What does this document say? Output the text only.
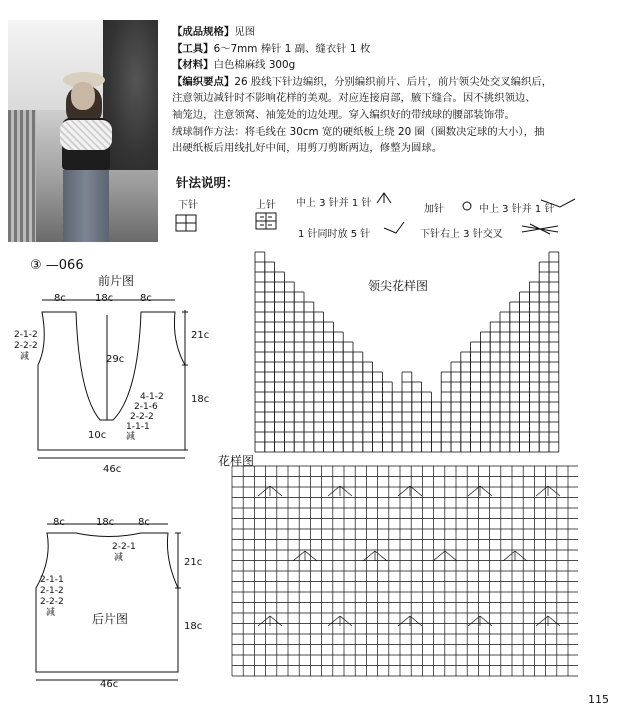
【成品规格】见图

【工具】6～7mm 棒针 1 副、缝衣针 1 枚

【材料】白色棉麻线 300g

【编织要点】26 股线下针边编织，分别编织前片、后片，前片领尖处交叉编织后，

注意领边减针时不影响花样的美观。对应连接肩部，腋下缝合。因不挑织领边、

袖笼边，注意领窝、袖笼处的边处理。穿入编织好的带绒球的腰部装饰带。

绒球制作方法：将毛线在 30cm 宽的硬纸板上绕 20 圈（圈数决定球的大小），抽

出硬纸板后用线扎好中间，用剪刀剪断两边，修整为圆球。

针法说明：
下针	上针 中上 3 针并 1 针
1 针同时放 5 针
加针	中上 3 针并 1 针
下针右上 3 针交叉
③ —066
前片图
8c	18c	8c
2-1-2
2-2-2
减	29c
4-1-2
2-1-6
2-2-2
1-1-1
减
10c
21c
18c
46c
8c	18c 8c
2-2-1
减
2-1-1
2-1-2
2-2-2
减	后片图
21c
18c
46c
领尖花样图
花样图
115
